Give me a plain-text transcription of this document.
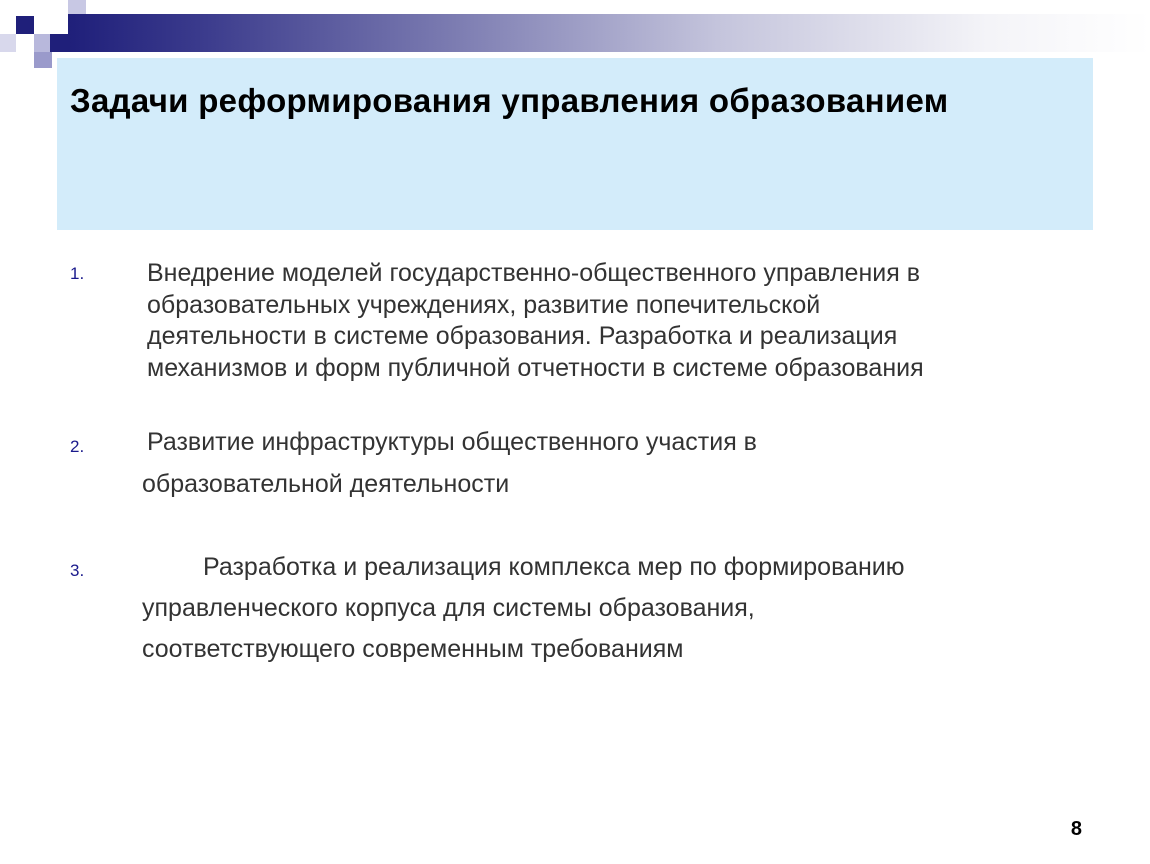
Задачи реформирования управления образованием
1.	Внедрение моделей государственно-общественного управления в
образовательных учреждениях, развитие попечительской
деятельности в системе образования. Разработка и реализация
механизмов и форм публичной отчетности в системе образования
2.	Развитие инфраструктуры общественного участия в
образовательной деятельности
3.	Разработка и реализация комплекса мер по формированию
управленческого корпуса для системы образования,
соответствующего современным требованиям
8
